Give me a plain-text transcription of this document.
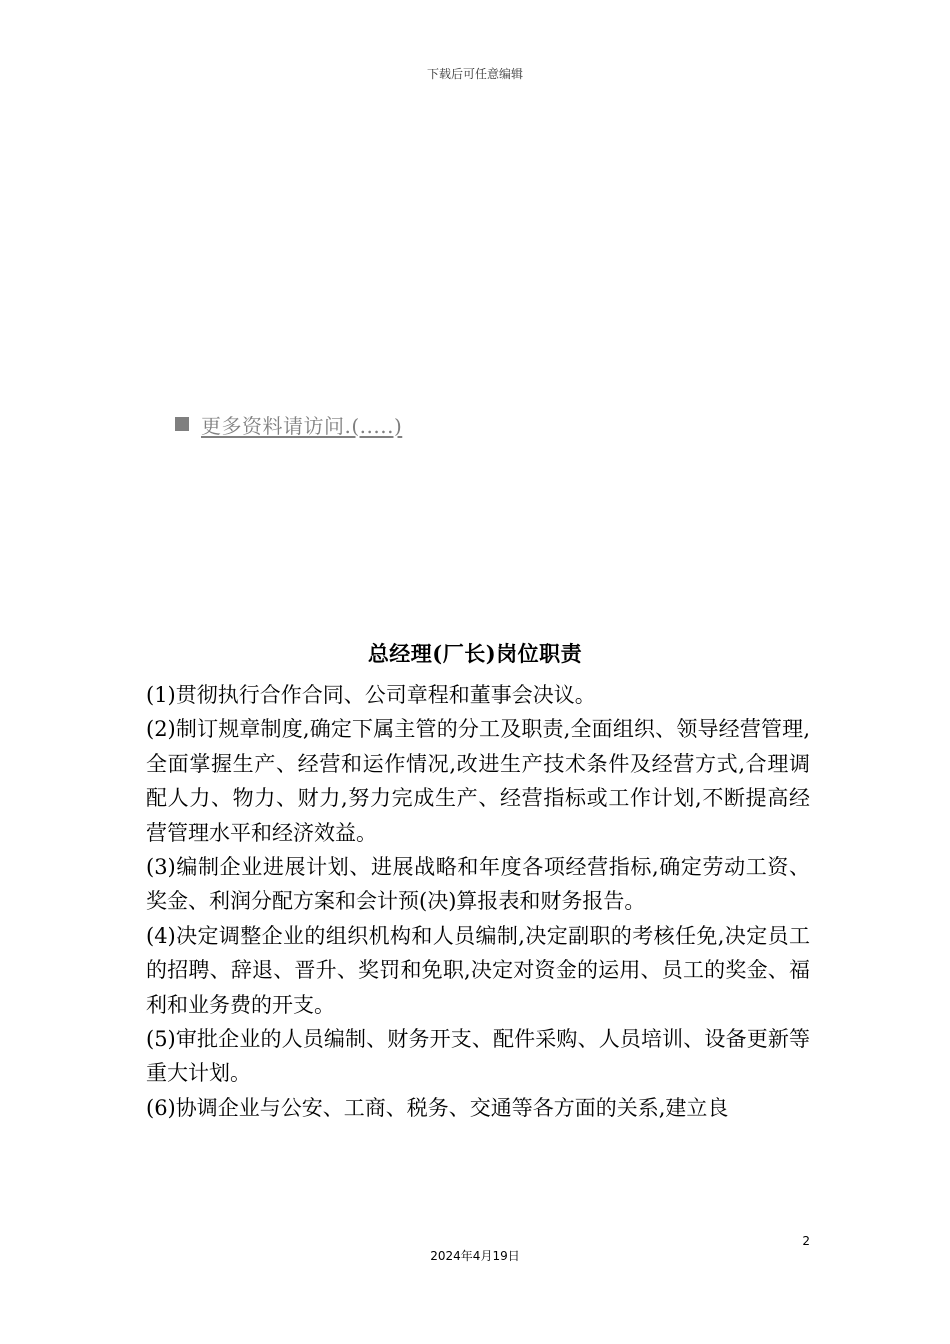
下载后可任意编辑
更多资料请访问.(.....)
总经理(厂长)岗位职责

(1)贯彻执行合作合同、公司章程和董事会决议。

(2)制订规章制度,确定下属主管的分工及职责,全面组织、领导经营管理,全面掌握生产、经营和运作情况,改进生产技术条件及经营方式,合理调配人力、物力、财力,努力完成生产、经营指标或工作计划,不断提高经营管理水平和经济效益。

(3)编制企业进展计划、进展战略和年度各项经营指标,确定劳动工资、奖金、利润分配方案和会计预(决)算报表和财务报告。

(4)决定调整企业的组织机构和人员编制,决定副职的考核任免,决定员工的招聘、辞退、晋升、奖罚和免职,决定对资金的运用、员工的奖金、福利和业务费的开支。

(5)审批企业的人员编制、财务开支、配件采购、人员培训、设备更新等重大计划。

(6)协调企业与公安、工商、税务、交通等各方面的关系,建立良

2
2024年4月19日
